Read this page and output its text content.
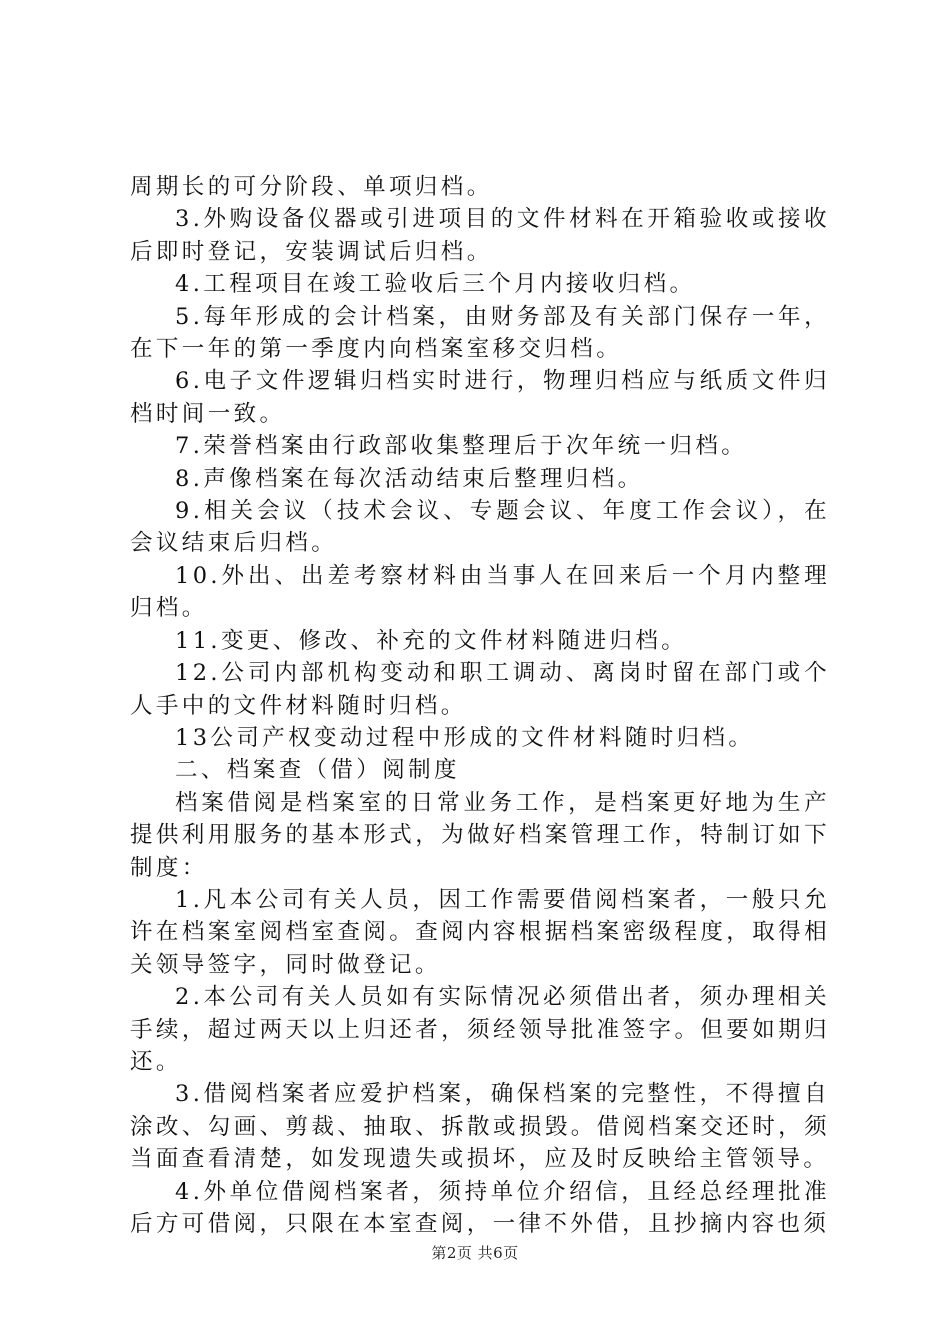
周期长的可分阶段、单项归档。

3.外购设备仪器或引进项目的文件材料在开箱验收或接收后即时登记，安装调试后归档。

4.工程项目在竣工验收后三个月内接收归档。

5.每年形成的会计档案，由财务部及有关部门保存一年，在下一年的第一季度内向档案室移交归档。

6.电子文件逻辑归档实时进行，物理归档应与纸质文件归档时间一致。

7.荣誉档案由行政部收集整理后于次年统一归档。

8.声像档案在每次活动结束后整理归档。

9.相关会议（技术会议、专题会议、年度工作会议），在会议结束后归档。

10.外出、出差考察材料由当事人在回来后一个月内整理归档。

11.变更、修改、补充的文件材料随进归档。

12.公司内部机构变动和职工调动、离岗时留在部门或个人手中的文件材料随时归档。

13公司产权变动过程中形成的文件材料随时归档。

二、档案查（借）阅制度

档案借阅是档案室的日常业务工作，是档案更好地为生产提供利用服务的基本形式，为做好档案管理工作，特制订如下制度：

1.凡本公司有关人员，因工作需要借阅档案者，一般只允许在档案室阅档室查阅。查阅内容根据档案密级程度，取得相关领导签字，同时做登记。

2.本公司有关人员如有实际情况必须借出者，须办理相关手续，超过两天以上归还者，须经领导批准签字。但要如期归还。

3.借阅档案者应爱护档案，确保档案的完整性，不得擅自涂改、勾画、剪裁、抽取、拆散或损毁。借阅档案交还时，须当面查看清楚，如发现遗失或损坏，应及时反映给主管领导。

4.外单位借阅档案者，须持单位介绍信，且经总经理批准后方可借阅，只限在本室查阅，一律不外借，且抄摘内容也须

第2页 共6页
